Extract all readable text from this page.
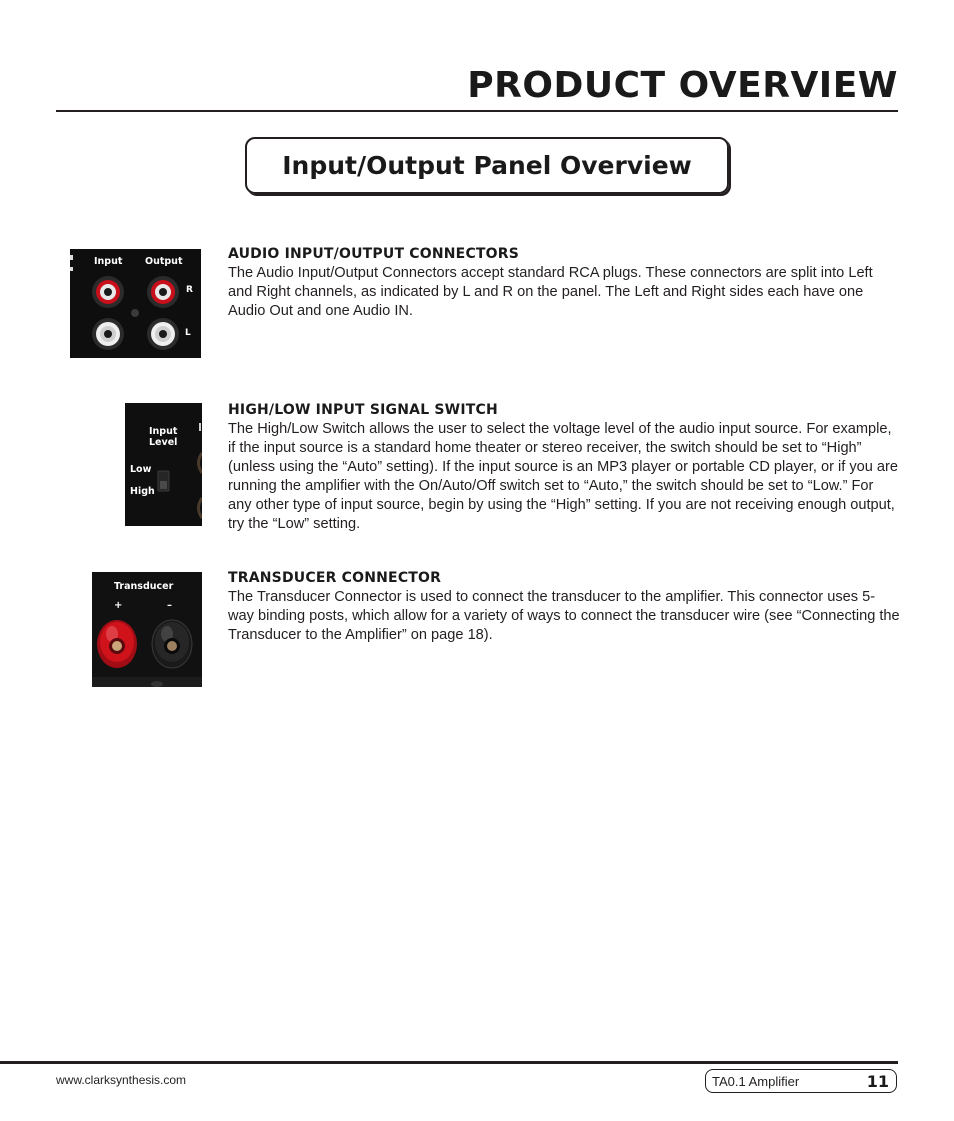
PRODUCT OVERVIEW
Input/Output Panel Overview
Input Output
R
L
AUDIO INPUT/OUTPUT CONNECTORS

The Audio Input/Output Connectors accept standard RCA plugs. These connectors are split into Left and Right channels, as indicated by L and R on the panel. The Left and Right sides each have one Audio Out and one Audio IN.

Input
Level
Low
High
HIGH/LOW INPUT SIGNAL SWITCH

The High/Low Switch allows the user to select the voltage level of the audio input source. For example, if the input source is a standard home theater or stereo receiver, the switch should be set to “High” (unless using the “Auto” setting). If the input source is an MP3 player or portable CD player, or if you are running the amplifier with the On/Auto/Off switch set to “Auto,” the switch should be set to “Low.” For any other type of input source, begin by using the “High” setting. If you are not receiving enough output, try the “Low” setting.

Transducer
+	–
TRANSDUCER CONNECTOR

The Transducer Connector is used to connect the transducer to the amplifier. This connector uses 5-way binding posts, which allow for a variety of ways to connect the transducer wire (see “Connecting the Transducer to the Amplifier” on page 18).

www.clarksynthesis.com	TA0.1 Amplifier	11
